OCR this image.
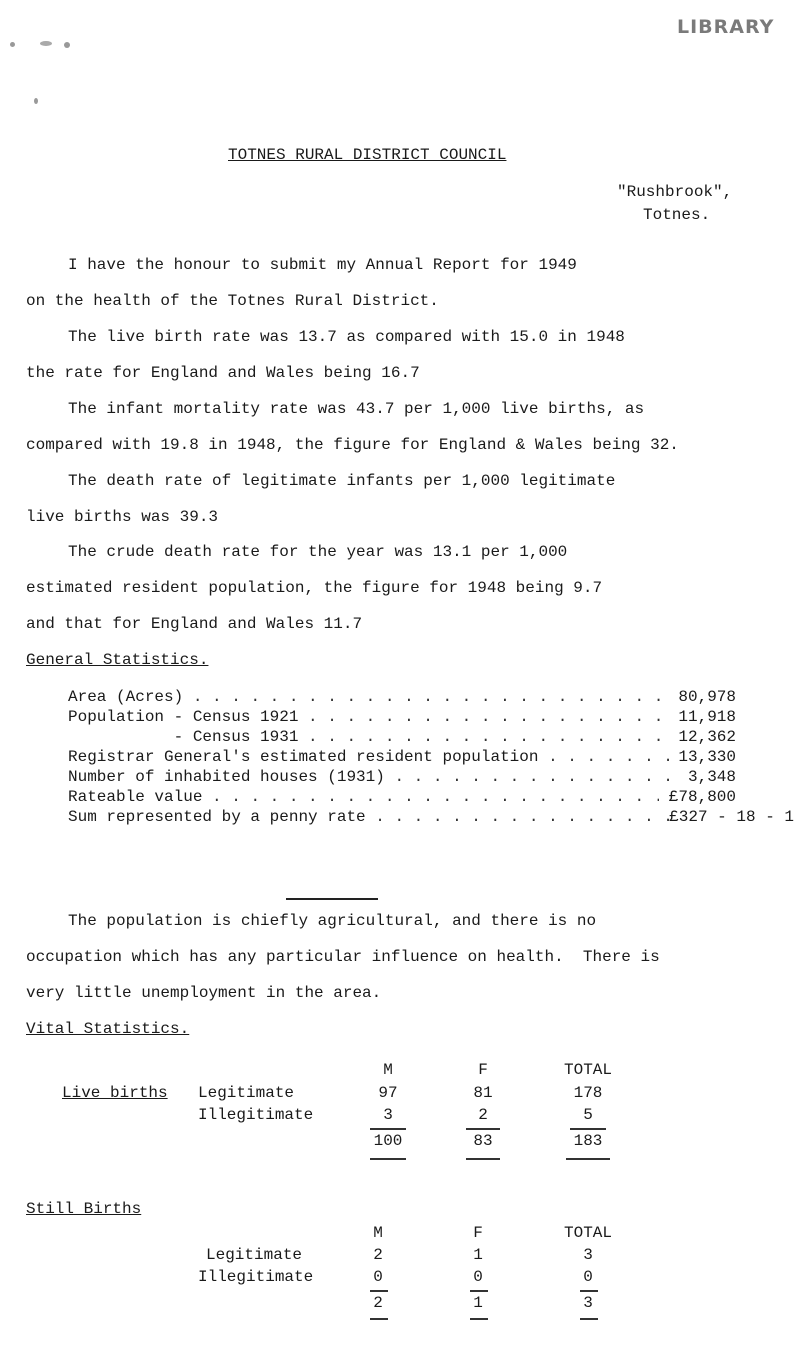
LIBRARY
TOTNES RURAL DISTRICT COUNCIL
"Rushbrook",
Totnes.
I have the honour to submit my Annual Report for 1949
on the health of the Totnes Rural District.
The live birth rate was 13.7 as compared with 15.0 in 1948
the rate for England and Wales being 16.7
The infant mortality rate was 43.7 per 1,000 live births, as
compared with 19.8 in 1948, the figure for England & Wales being 32.
The death rate of legitimate infants per 1,000 legitimate
live births was 39.3
The crude death rate for the year was 13.1 per 1,000
estimated resident population, the figure for 1948 being 9.7
and that for England and Wales 11.7
General Statistics.
Area (Acres) . . .	80,978
Population - Census 1921 . . .	11,918
- Census 1931 . . .	12,362
Registrar General's estimated resident population . . .	13,330
Number of inhabited houses (1931) . . .	3,348
Rateable value . . .	£78,800
Sum represented by a penny rate . . .	£327 - 18 - 1
The population is chiefly agricultural, and there is no
occupation which has any particular influence on health.  There is
very little unemployment in the area.
Vital Statistics.
M	F	TOTAL
Live births Legitimate	97	81	178
Illegitimate	3	2	5
100	83	183
Still Births
M	F	TOTAL
Legitimate	2	1	3
Illegitimate	0	0	0
2	1	3
